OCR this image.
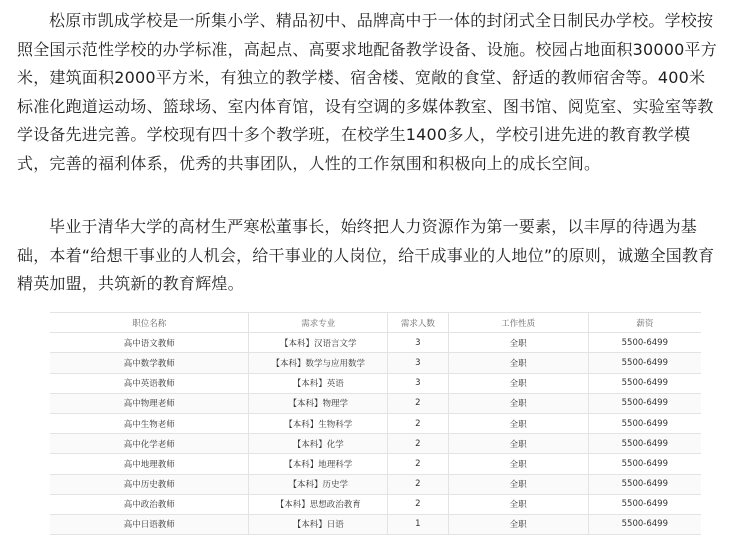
松原市凯成学校是一所集小学、精品初中、品牌高中于一体的封闭式全日制民办学校。学校按照全国示范性学校的办学标准，高起点、高要求地配备教学设备、设施。校园占地面积30000平方米，建筑面积2000平方米，有独立的教学楼、宿舍楼、宽敞的食堂、舒适的教师宿舍等。400米标准化跑道运动场、篮球场、室内体育馆，设有空调的多媒体教室、图书馆、阅览室、实验室等教学设备先进完善。学校现有四十多个教学班，在校学生1400多人，学校引进先进的教育教学模式，完善的福利体系，优秀的共事团队，人性的工作氛围和积极向上的成长空间。

毕业于清华大学的高材生严寒松董事长，始终把人力资源作为第一要素，以丰厚的待遇为基础，本着“给想干事业的人机会，给干事业的人岗位，给干成事业的人地位”的原则，诚邀全国教育精英加盟，共筑新的教育辉煌。

职位名称	需求专业	需求人数	工作性质	薪资
高中语文教师	【本科】汉语言文学	3	全职	5500-6499
高中数学教师	【本科】数学与应用数学	3	全职	5500-6499
高中英语教师	【本科】英语	3	全职	5500-6499
高中物理老师	【本科】物理学	2	全职	5500-6499
高中生物老师	【本科】生物科学	2	全职	5500-6499
高中化学老师	【本科】化学	2	全职	5500-6499
高中地理教师	【本科】地理科学	2	全职	5500-6499
高中历史教师	【本科】历史学	2	全职	5500-6499
高中政治教师	【本科】思想政治教育	2	全职	5500-6499
高中日语教师	【本科】日语	1	全职	5500-6499
